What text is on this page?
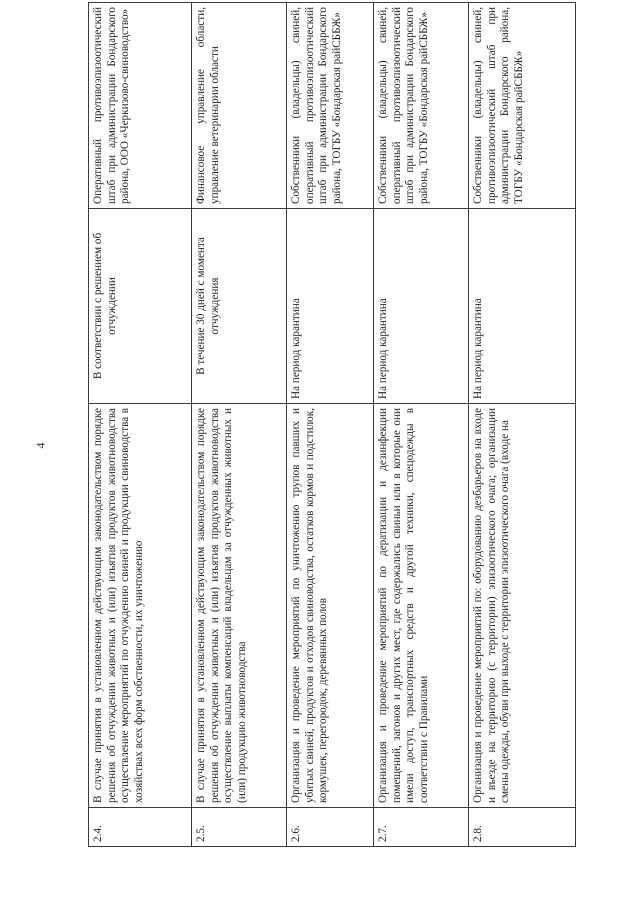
4
2.4.	В случае принятия в установленном действующим законодательством порядке решения об отчуждении животных и (или) изъятия продуктов животноводства осуществление мероприятий по отчуждению свиней и продукции свиноводства в хозяйствах всех форм собственности, их уничтожению	В соответствии с решением об отчуждении	Оперативный противоэпизоотический штаб при администрации Бондарского района, ООО «Черкизово-свиноводство»
2.5.	В случае принятия в установленном действующим законодательством порядке решения об отчуждении животных и (или) изъятия продуктов животноводства осуществление выплаты компенсаций владельцам за отчужденных животных и (или) продукцию животноводства	В течение 30 дней с момента отчуждения	Финансовое управление области, управление ветеринарии области
2.6.	Организация и проведение мероприятий по уничтожению трупов павших и убитых свиней, продуктов и отходов свиноводства, остатков кормов и подстилок, кормушек, перегородок, деревянных полов	На период карантина	Собственники (владельцы) свиней, оперативный противоэпизоотический штаб при администрации Бондарского района, ТОГБУ «Бондарская райСББЖ»
2.7.	Организация и проведение мероприятий по дератизации и дезинфекции помещений, загонов и других мест, где содержались свиньи или в которые они имели доступ, транспортных средств и другой техники, спецодежды в соответствии с Правилами	На период карантина	Собственники (владельцы) свиней, оперативный противоэпизоотический штаб при администрации Бондарского района, ТОГБУ «Бондарская райСББЖ»
2.8.	Организация и проведение мероприятий по: оборудованию дезбарьеров на входе и въезде на территорию (с территории) эпизоотического очага; организации смены одежды, обуви при выходе с территории эпизоотического очага (входе на	На период карантина	Собственники (владельцы) свиней, противоэпизоотический штаб при администрации Бондарского района, ТОГБУ «Бондарская райСББЖ»
